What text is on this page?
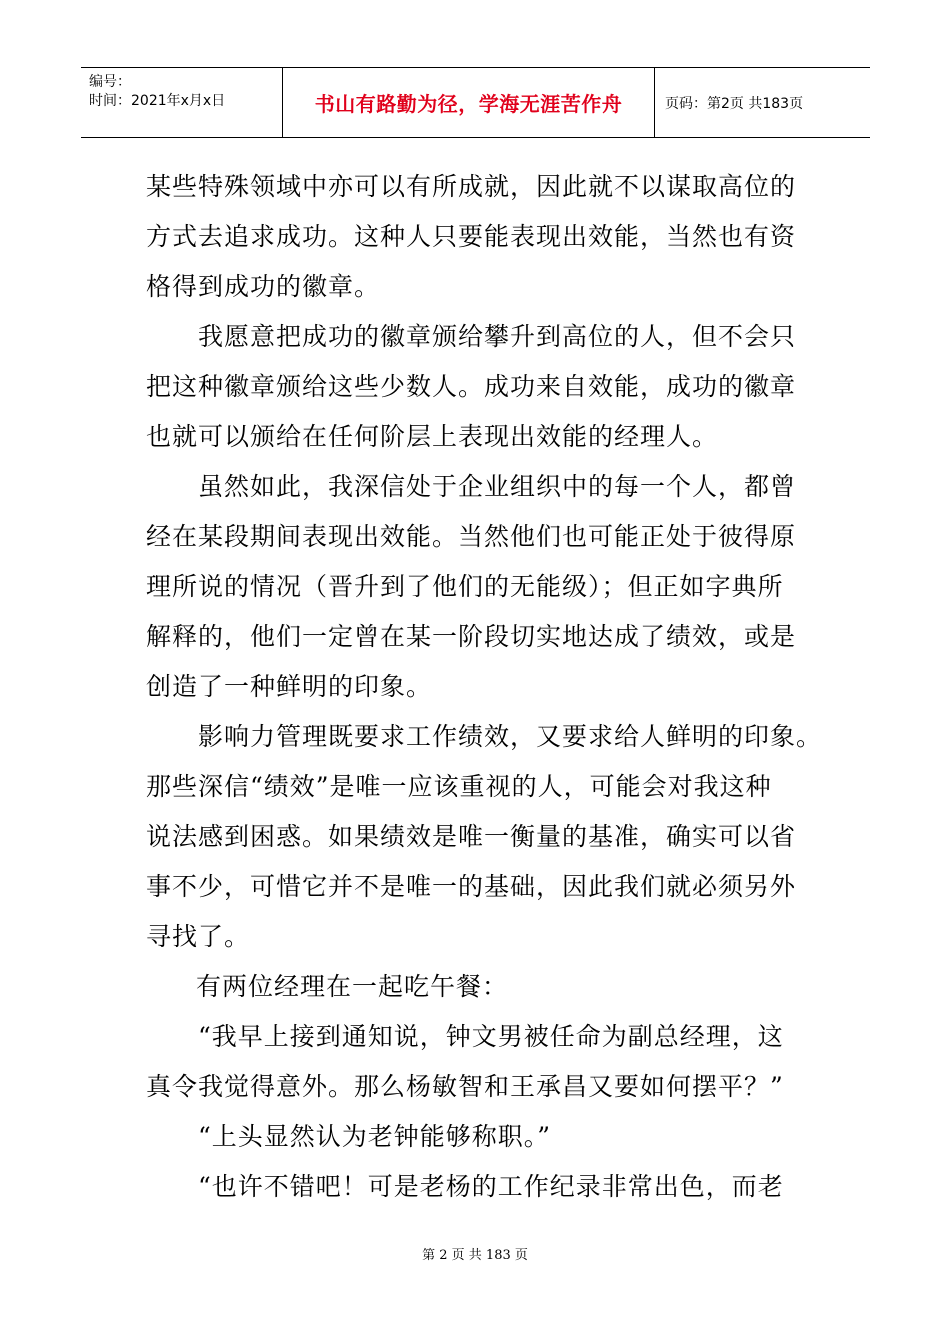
编号：
时间：2021年x月x日	书山有路勤为径，学海无涯苦作舟	页码：第2页 共183页
某些特殊领域中亦可以有所成就，因此就不以谋取高位的
方式去追求成功。这种人只要能表现出效能，当然也有资
格得到成功的徽章。
我愿意把成功的徽章颁给攀升到高位的人，但不会只
把这种徽章颁给这些少数人。成功来自效能，成功的徽章
也就可以颁给在任何阶层上表现出效能的经理人。
虽然如此，我深信处于企业组织中的每一个人，都曾
经在某段期间表现出效能。当然他们也可能正处于彼得原
理所说的情况（晋升到了他们的无能级）；但正如字典所
解释的，他们一定曾在某一阶段切实地达成了绩效，或是
创造了一种鲜明的印象。
影响力管理既要求工作绩效，又要求给人鲜明的印象。
那些深信“绩效”是唯一应该重视的人，可能会对我这种
说法感到困惑。如果绩效是唯一衡量的基准，确实可以省
事不少，可惜它并不是唯一的基础，因此我们就必须另外
寻找了。
有两位经理在一起吃午餐：
“我早上接到通知说，钟文男被任命为副总经理，这
真令我觉得意外。那么杨敏智和王承昌又要如何摆平？”
“上头显然认为老钟能够称职。”
“也许不错吧！可是老杨的工作纪录非常出色，而老
第 2 页 共 183 页
